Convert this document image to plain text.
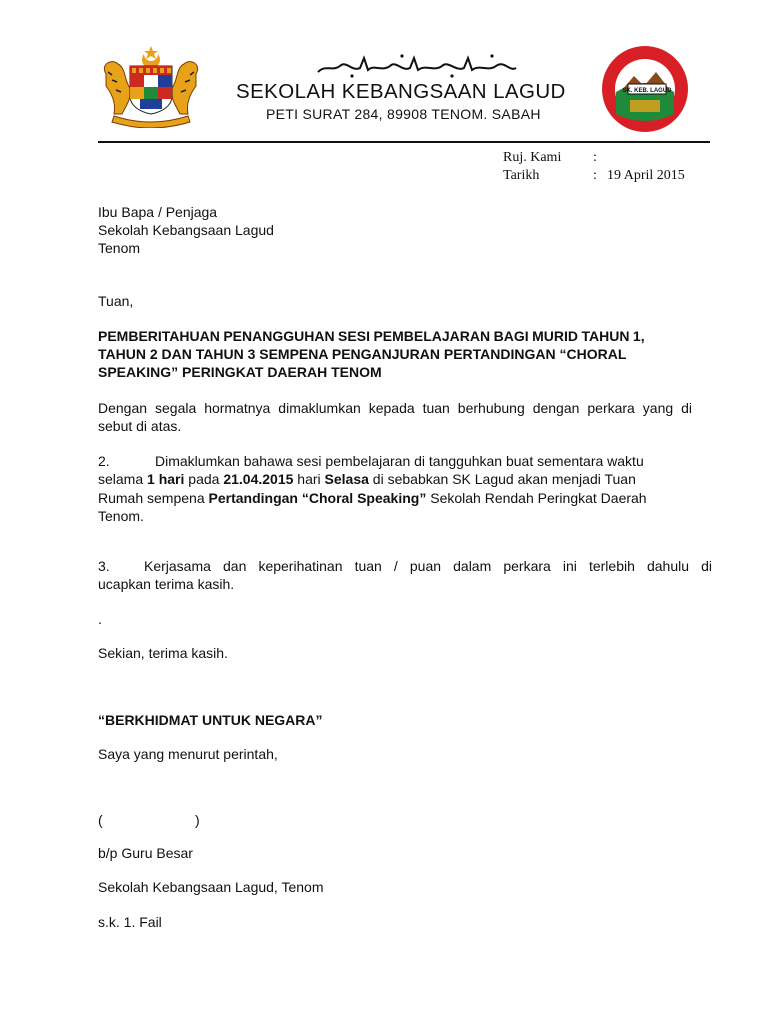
SEKOLAH KEBANGSAAN LAGUD
PETI SURAT 284, 89908 TENOM. SABAH
SK. KEB. LAGUD
Ruj. Kami :
Tarikh	: 19 April 2015
Ibu Bapa / Penjaga
Sekolah Kebangsaan Lagud
Tenom
Tuan,
PEMBERITAHUAN PENANGGUHAN SESI PEMBELAJARAN BAGI MURID TAHUN 1,
TAHUN 2 DAN TAHUN 3 SEMPENA PENGANJURAN PERTANDINGAN “CHORAL
SPEAKING” PERINGKAT DAERAH TENOM
Dengan segala hormatnya dimaklumkan kepada tuan berhubung dengan perkara yang di
sebut di atas.
2.	Dimaklumkan bahawa sesi pembelajaran di tangguhkan buat sementara waktu
selama 1 hari pada 21.04.2015 hari Selasa di sebabkan SK Lagud akan menjadi Tuan
Rumah sempena Pertandingan “Choral Speaking” Sekolah Rendah Peringkat Daerah
Tenom.
3. Kerjasama dan keperihatinan tuan / puan dalam perkara ini terlebih dahulu di
ucapkan terima kasih.
.
Sekian, terima kasih.
“BERKHIDMAT UNTUK NEGARA”
Saya yang menurut perintah,
(	)
b/p Guru Besar
Sekolah Kebangsaan Lagud, Tenom
s.k. 1. Fail
